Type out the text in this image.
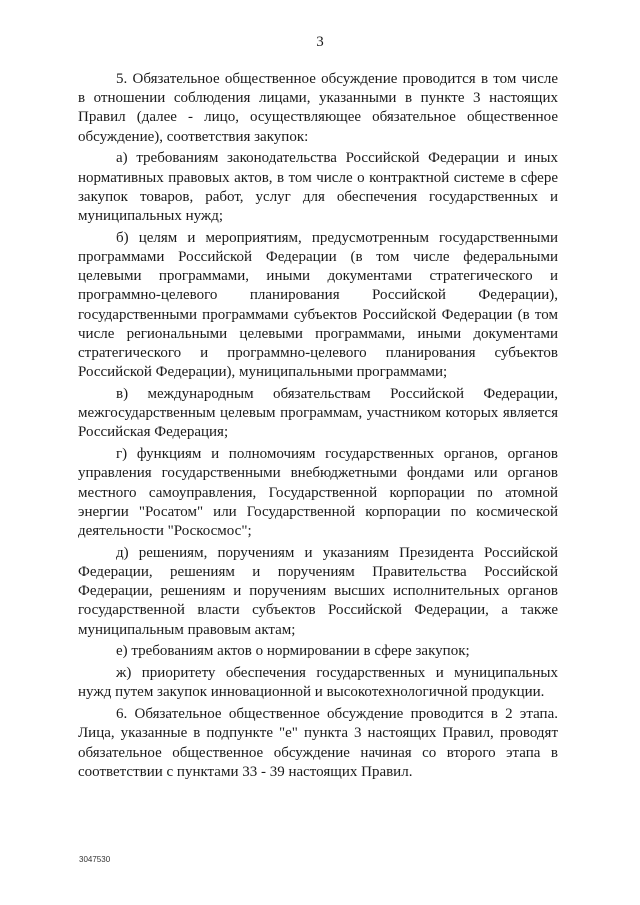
3

5. Обязательное общественное обсуждение проводится в том числе в отношении соблюдения лицами, указанными в пункте 3 настоящих Правил (далее - лицо, осуществляющее обязательное общественное обсуждение), соответствия закупок:

а) требованиям законодательства Российской Федерации и иных нормативных правовых актов, в том числе о контрактной системе в сфере закупок товаров, работ, услуг для обеспечения государственных и муниципальных нужд;

б) целям и мероприятиям, предусмотренным государственными программами Российской Федерации (в том числе федеральными целевыми программами, иными документами стратегического и программно-целевого планирования Российской Федерации), государственными программами субъектов Российской Федерации (в том числе региональными целевыми программами, иными документами стратегического и программно-целевого планирования субъектов Российской Федерации), муниципальными программами;

в) международным обязательствам Российской Федерации, межгосударственным целевым программам, участником которых является Российская Федерация;

г) функциям и полномочиям государственных органов, органов управления государственными внебюджетными фондами или органов местного самоуправления, Государственной корпорации по атомной энергии "Росатом" или Государственной корпорации по космической деятельности "Роскосмос";

д) решениям, поручениям и указаниям Президента Российской Федерации, решениям и поручениям Правительства Российской Федерации, решениям и поручениям высших исполнительных органов государственной власти субъектов Российской Федерации, а также муниципальным правовым актам;

е) требованиям актов о нормировании в сфере закупок;

ж) приоритету обеспечения государственных и муниципальных нужд путем закупок инновационной и высокотехнологичной продукции.

6. Обязательное общественное обсуждение проводится в 2 этапа. Лица, указанные в подпункте "е" пункта 3 настоящих Правил, проводят обязательное общественное обсуждение начиная со второго этапа в соответствии с пунктами 33 - 39 настоящих Правил.

3047530
